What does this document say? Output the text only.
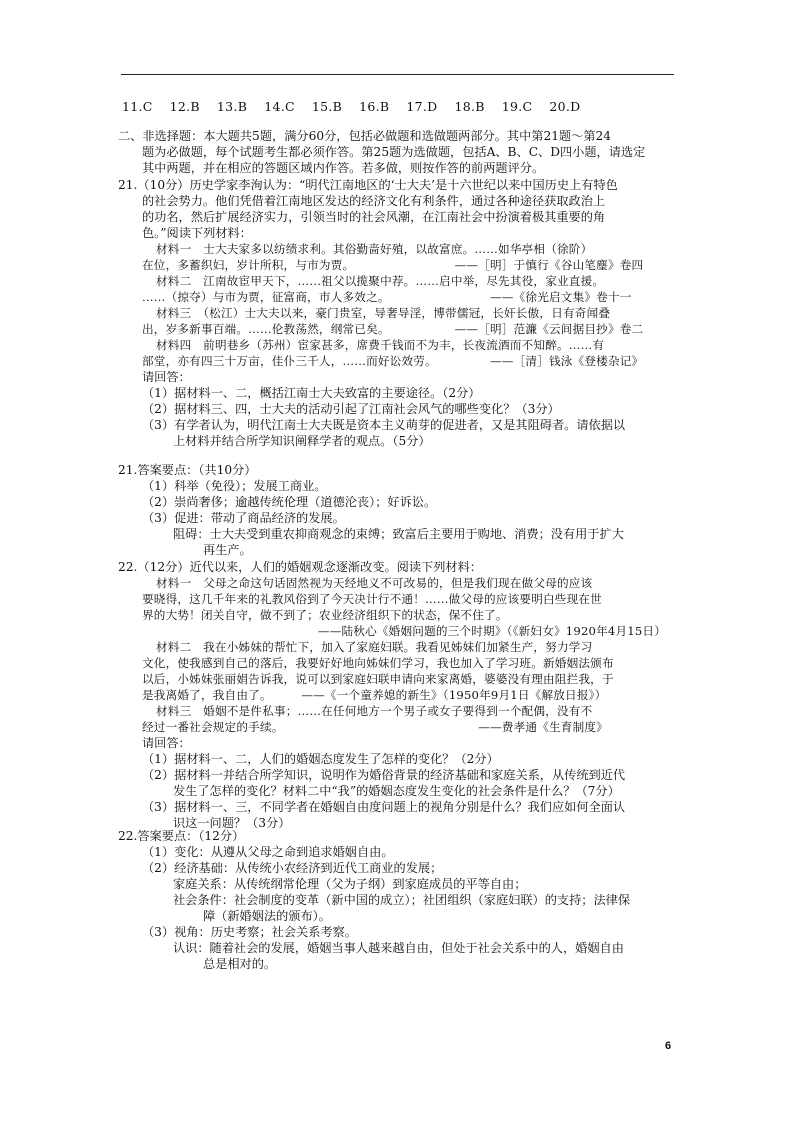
11.C 12.B 13.B 14.C 15.B 16.B 17.D 18.B 19.C 20.D
二、非选择题：本大题共5题，满分60分，包括必做题和选做题两部分。其中第21题～第24
题为必做题，每个试题考生都必须作答。第25题为选做题，包括A、B、C、D四小题，请选定
其中两题，并在相应的答题区域内作答。若多做，则按作答的前两题评分。
21.（10分）历史学家李洵认为：“明代江南地区的‘士大夫’是十六世纪以来中国历史上有特色
的社会势力。他们凭借着江南地区发达的经济文化有利条件，通过各种途径获取政治上
的功名，然后扩展经济实力，引领当时的社会风潮，在江南社会中扮演着极其重要的角
色。”阅读下列材料：
材料一　士大夫家多以纺绩求利。其俗勤啬好殖，以故富庶。……如华亭相（徐阶）
在位，多蓄织妇，岁计所积，与市为贾。　　　　　　　　　——［明］于慎行《谷山笔麈》卷四
材料二　江南故宦甲天下，……祖父以揽聚中荐。……启中举，尽先其役，家业直援。
……（掠夺）与市为贾，征富商，市人多效之。　　　　　　　　　——《徐光启文集》卷十一
材料三　（松江）士大夫以来，豪门贵室，导奢导淫，博带儒冠，长奸长傲，日有奇闻叠
出，岁多新事百端。……伦教荡然，纲常已矣。　　　　　　——［明］范濂《云间据目抄》卷二
材料四　前明巷乡（苏州）宦家甚多，席费千钱而不为丰，长夜流酒而不知醉。……有
部堂，亦有四三十万亩，佳仆三千人，……而好讼效劳。　　　　　——［清］钱泳《登楼杂记》
请回答：
（1）据材料一、二，概括江南士大夫致富的主要途径。（2分）
（2）据材料三、四，士大夫的活动引起了江南社会风气的哪些变化？（3分）
（3）有学者认为，明代江南士大夫既是资本主义萌芽的促进者，又是其阻碍者。请依据以
上材料并结合所学知识阐释学者的观点。（5分）
21.答案要点：（共10分）
（1）科举（免役）；发展工商业。
（2）崇尚奢侈；逾越传统伦理（道德沦丧）；好诉讼。
（3）促进：带动了商品经济的发展。
阻碍：士大夫受到重农抑商观念的束缚；致富后主要用于购地、消费；没有用于扩大
再生产。
22.（12分）近代以来，人们的婚姻观念逐渐改变。阅读下列材料：
材料一　父母之命这句话固然视为天经地义不可改易的，但是我们现在做父母的应该
要晓得，这几千年来的礼教风俗到了今天决计行不通！……做父母的应该要明白些现在世
界的大势！闭关自守，做不到了；农业经济组织下的状态，保不住了。
——陆秋心《婚姻问题的三个时期》（《新妇女》1920年4月15日）
材料二　我在小姊妹的帮忙下，加入了家庭妇联。我看见姊妹们加紧生产，努力学习
文化，使我感到自己的落后，我要好好地向姊妹们学习，我也加入了学习班。新婚姻法颁布
以后，小姊妹张丽娟告诉我，说可以到家庭妇联申请向来家离婚，婆婆没有理由阻拦我，于
是我离婚了，我自由了。　　　——《一个童养媳的新生》（1950年9月1日《解放日报》）
材料三　婚姻不是件私事；……在任何地方一个男子或女子要得到一个配偶，没有不
经过一番社会规定的手续。　　　　　　　　　　　　　　　　　——费孝通《生育制度》
请回答：
（1）据材料一、二，人们的婚姻态度发生了怎样的变化？（2分）
（2）据材料一并结合所学知识，说明作为婚俗背景的经济基础和家庭关系，从传统到近代
发生了怎样的变化？材料二中“我”的婚姻态度发生变化的社会条件是什么？（7分）
（3）据材料一、三，不同学者在婚姻自由度问题上的视角分别是什么？我们应如何全面认
识这一问题？（3分）
22.答案要点：（12分）
（1）变化：从遵从父母之命到追求婚姻自由。
（2）经济基础：从传统小农经济到近代工商业的发展；
家庭关系：从传统纲常伦理（父为子纲）到家庭成员的平等自由；
社会条件：社会制度的变革（新中国的成立）；社团组织（家庭妇联）的支持；法律保
障（新婚姻法的颁布）。
（3）视角：历史考察；社会关系考察。
认识：随着社会的发展，婚姻当事人越来越自由，但处于社会关系中的人，婚姻自由
总是相对的。
6
